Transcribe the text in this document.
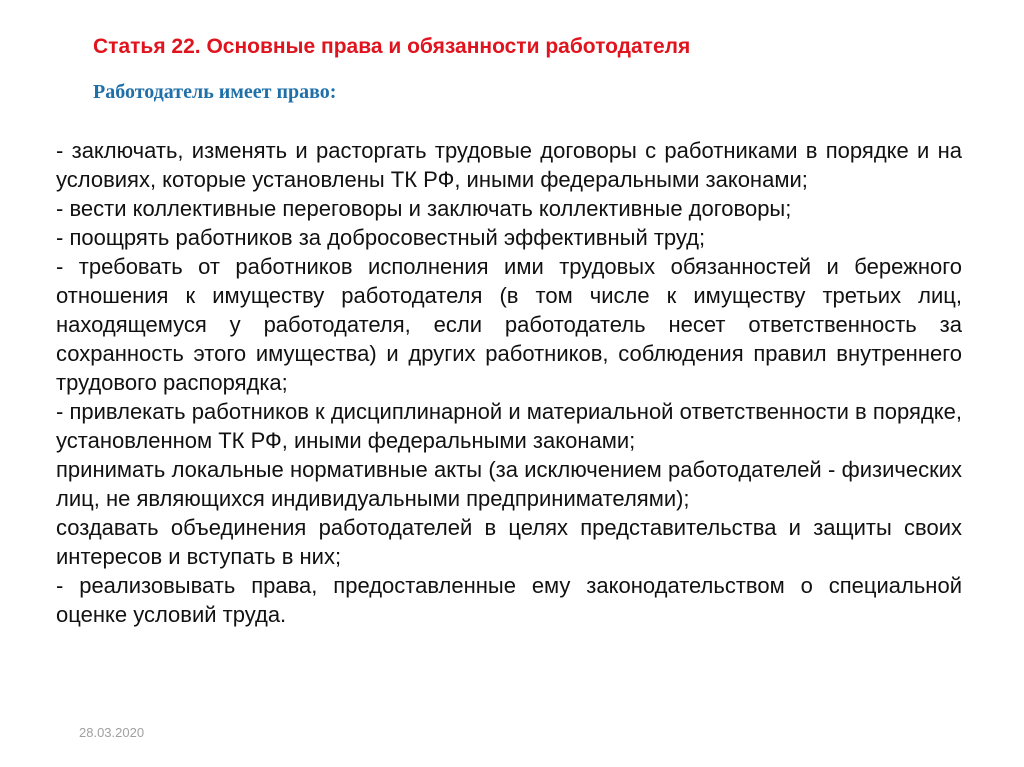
Статья 22. Основные права и обязанности работодателя
Работодатель имеет право:

- заключать, изменять и расторгать трудовые договоры с работниками в порядке и на условиях, которые установлены ТК РФ, иными федеральными законами;

- вести коллективные переговоры и заключать коллективные договоры;

- поощрять работников за добросовестный эффективный труд;

- требовать от работников исполнения ими трудовых обязанностей и бережного отношения к имуществу работодателя (в том числе к имуществу третьих лиц, находящемуся у работодателя, если работодатель несет ответственность за сохранность этого имущества) и других работников, соблюдения правил внутреннего трудового распорядка;

- привлекать работников к дисциплинарной и материальной ответственности в порядке, установленном ТК РФ, иными федеральными законами;

принимать локальные нормативные акты (за исключением работодателей - физических лиц, не являющихся индивидуальными предпринимателями);

создавать объединения работодателей в целях представительства и защиты своих интересов и вступать в них;

- реализовывать права, предоставленные ему законодательством о специальной оценке условий труда.

28.03.2020
